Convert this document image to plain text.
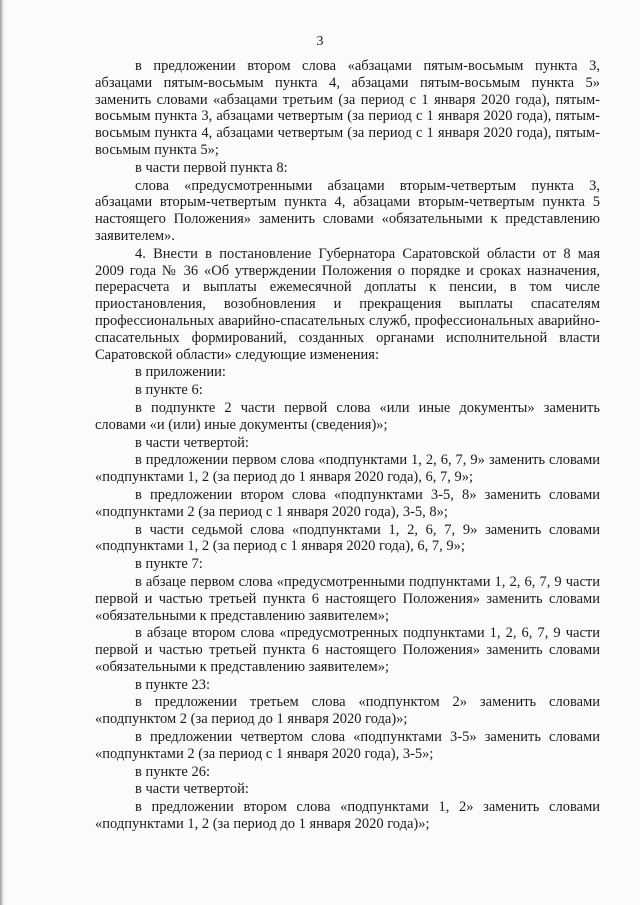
3

в предложении втором слова «абзацами пятым-восьмым пункта 3, абзацами пятым-восьмым пункта 4, абзацами пятым-восьмым пункта 5» заменить словами «абзацами третьим (за период с 1 января 2020 года), пятым-восьмым пункта 3, абзацами четвертым (за период с 1 января 2020 года), пятым-восьмым пункта 4, абзацами четвертым (за период с 1 января 2020 года), пятым-восьмым пункта 5»;

в части первой пункта 8:

слова «предусмотренными абзацами вторым-четвертым пункта 3, абзацами вторым-четвертым пункта 4, абзацами вторым-четвертым пункта 5 настоящего Положения» заменить словами «обязательными к представлению заявителем».

4. Внести в постановление Губернатора Саратовской области от 8 мая 2009 года № 36 «Об утверждении Положения о порядке и сроках назначения, перерасчета и выплаты ежемесячной доплаты к пенсии, в том числе приостановления, возобновления и прекращения выплаты спасателям профессиональных аварийно-спасательных служб, профессиональных аварийно-спасательных формирований, созданных органами исполнительной власти Саратовской области» следующие изменения:

в приложении:

в пункте 6:

в подпункте 2 части первой слова «или иные документы» заменить словами «и (или) иные документы (сведения)»;

в части четвертой:

в предложении первом слова «подпунктами 1, 2, 6, 7, 9» заменить словами «подпунктами 1, 2 (за период до 1 января 2020 года), 6, 7, 9»;

в предложении втором слова «подпунктами 3-5, 8» заменить словами «подпунктами 2 (за период с 1 января 2020 года), 3-5, 8»;

в части седьмой слова «подпунктами 1, 2, 6, 7, 9» заменить словами «подпунктами 1, 2 (за период с 1 января 2020 года), 6, 7, 9»;

в пункте 7:

в абзаце первом слова «предусмотренными подпунктами 1, 2, 6, 7, 9 части первой и частью третьей пункта 6 настоящего Положения» заменить словами «обязательными к представлению заявителем»;

в абзаце втором слова «предусмотренных подпунктами 1, 2, 6, 7, 9 части первой и частью третьей пункта 6 настоящего Положения» заменить словами «обязательными к представлению заявителем»;

в пункте 23:

в предложении третьем слова «подпунктом 2» заменить словами «подпунктом 2 (за период до 1 января 2020 года)»;

в предложении четвертом слова «подпунктами 3-5» заменить словами «подпунктами 2 (за период с 1 января 2020 года), 3-5»;

в пункте 26:

в части четвертой:

в предложении втором слова «подпунктами 1, 2» заменить словами «подпунктами 1, 2 (за период до 1 января 2020 года)»;
